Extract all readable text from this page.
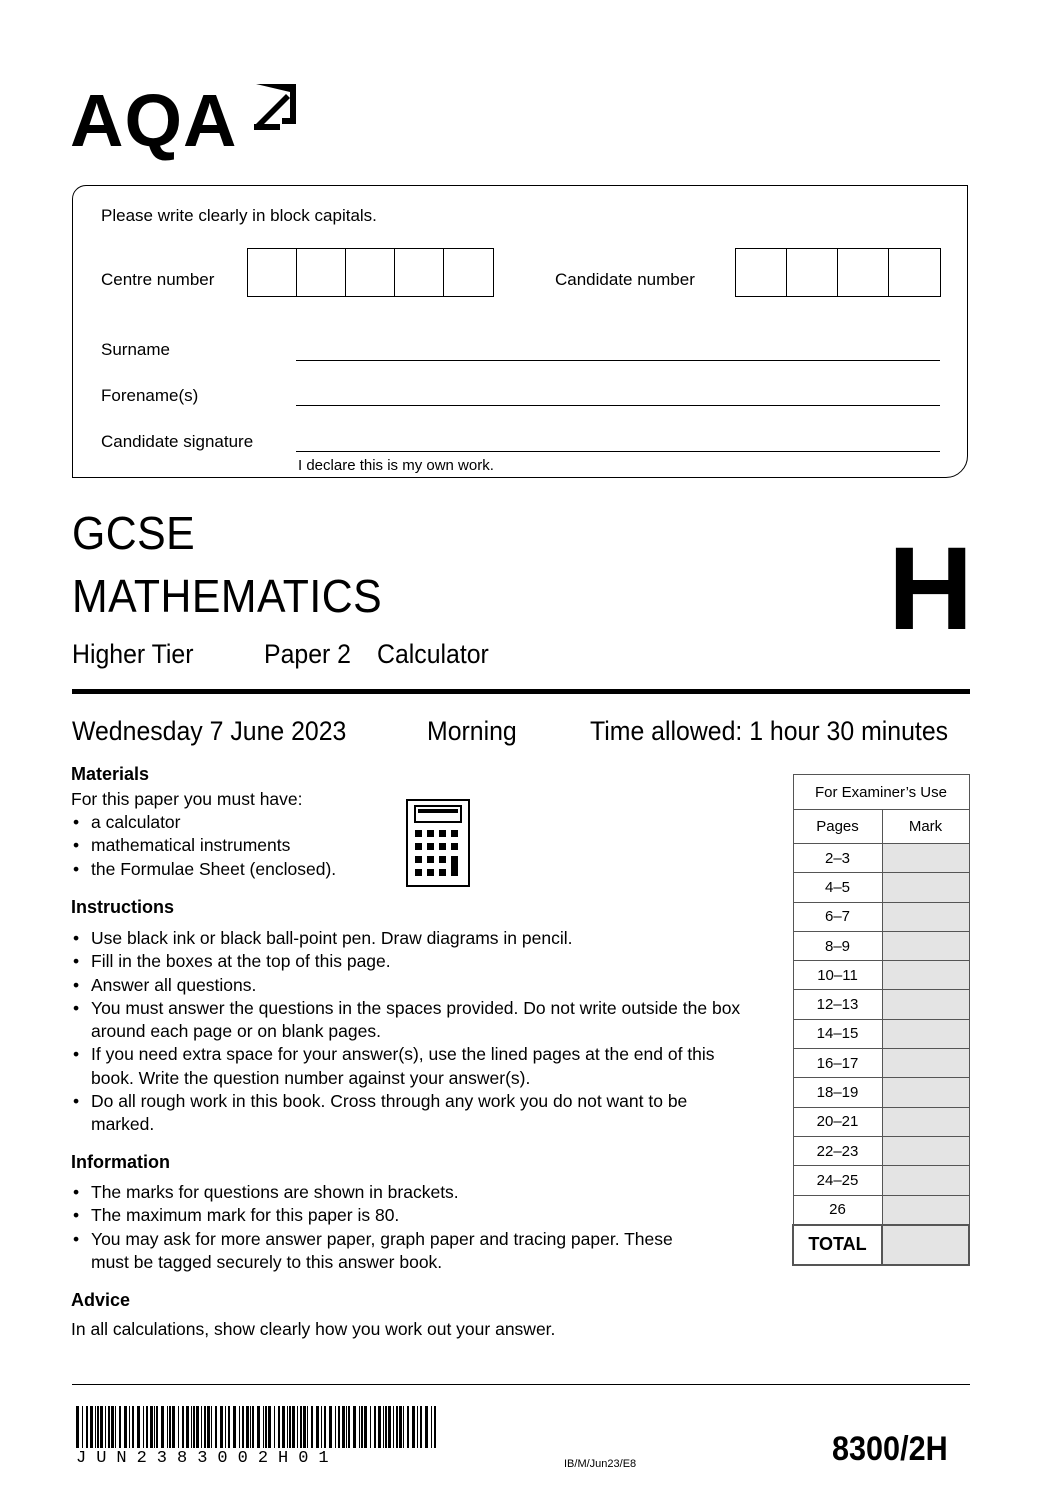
AQA
Please write clearly in block capitals.
Centre number	Candidate number
Surname
Forename(s)
Candidate signature
I declare this is my own work.
GCSE
MATHEMATICS
Higher Tier	Paper 2 Calculator	H
Wednesday 7 June 2023	Morning	Time allowed: 1 hour 30 minutes
Materials
For this paper you must have:
• a calculator
• mathematical instruments
• the Formulae Sheet (enclosed).
Instructions
• Use black ink or black ball-point pen. Draw diagrams in pencil.
• Fill in the boxes at the top of this page.
• Answer all questions.
• You must answer the questions in the spaces provided. Do not write outside the box around each page or on blank pages.
• If you need extra space for your answer(s), use the lined pages at the end of this book. Write the question number against your answer(s).
• Do all rough work in this book. Cross through any work you do not want to be marked.
Information
• The marks for questions are shown in brackets.
• The maximum mark for this paper is 80.
• You may ask for more answer paper, graph paper and tracing paper. These must be tagged securely to this answer book.
Advice
In all calculations, show clearly how you work out your answer.
For Examiner’s Use	
Pages	Mark
2–3	
4–5	
6–7	
8–9	
10–11	
12–13	
14–15	
16–17	
18–19	
20–21	
22–23	
24–25	
26	
TOTAL	
JUN2383002H01	IB/M/Jun23/E8	8300/2H
